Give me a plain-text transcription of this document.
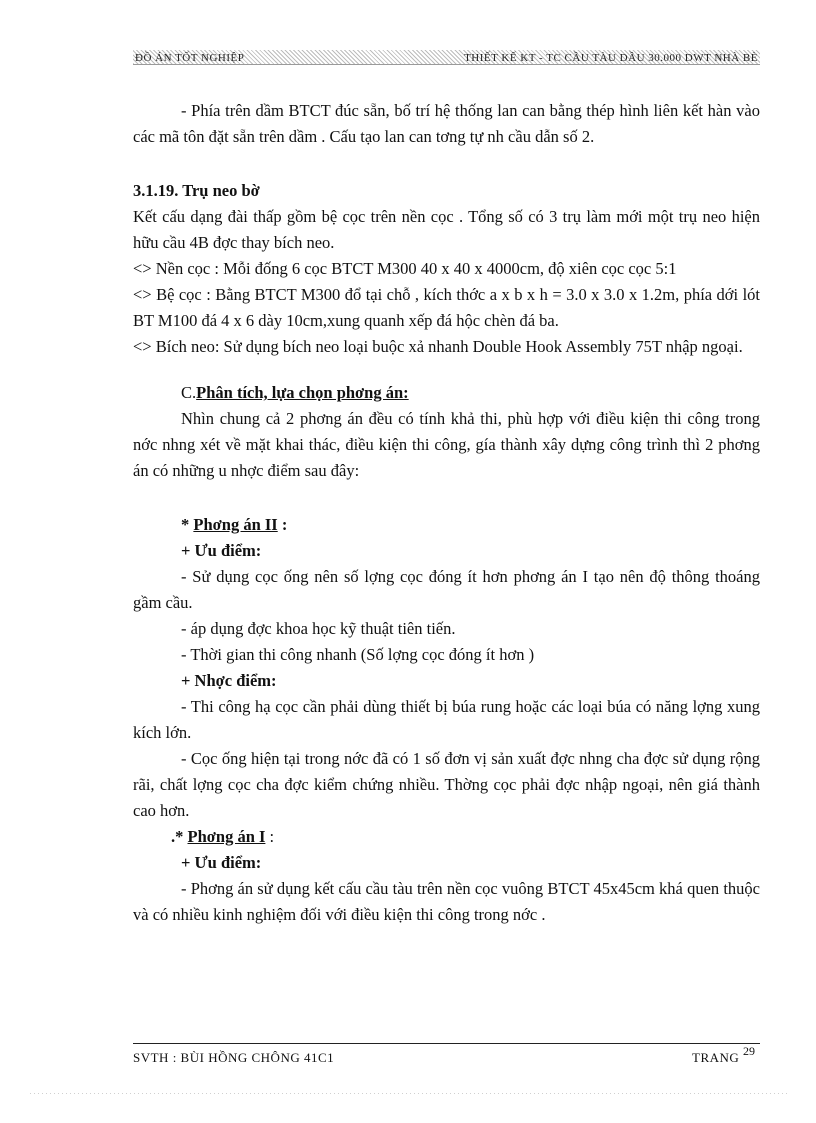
ĐỒ ÁN TỐT NGHIỆP	THIẾT KẾ KT - TC CẦU TÀU DẦU 30.000 DWT NHÀ BÈ

- Phía trên dầm BTCT đúc sẵn, bố trí hệ thống lan can bằng thép hình liên kết hàn vào các mã tôn đặt sẵn trên dầm . Cấu tạo lan can tơng tự nh cầu dẫn số 2.

3.1.19. Trụ neo bờ

Kết cấu dạng đài thấp gồm bệ cọc trên nền cọc . Tổng số có 3 trụ làm mới một trụ neo hiện hữu cầu 4B đợc thay bích neo.

<> Nền cọc : Mỗi đống 6 cọc BTCT M300 40 x 40 x 4000cm, độ xiên cọc cọc 5:1

<> Bệ cọc : Bằng BTCT M300 đổ tại chỗ , kích thớc a x b x h = 3.0 x 3.0 x 1.2m, phía dới lót BT M100 đá 4 x 6 dày 10cm,xung quanh xếp đá hộc chèn đá ba.

<> Bích neo: Sử dụng bích neo loại buộc xả nhanh Double Hook Assembly 75T nhập ngoại.

C.Phân tích, lựa chọn phơng án:

Nhìn chung cả 2 phơng án đều có tính khả thi, phù hợp với điều kiện thi công trong nớc nhng xét về mặt khai thác, điều kiện thi công, gía thành xây dựng công trình thì 2 phơng án có những u nhợc điểm sau đây:

* Phơng án II :

+ Ưu điểm:

- Sử dụng cọc ống nên số lợng cọc đóng ít hơn phơng án I tạo nên độ thông thoáng gầm cầu.

- áp dụng đợc khoa học kỹ thuật tiên tiến.

- Thời gian thi công nhanh (Số lợng cọc đóng ít hơn )

+ Nhợc điểm:

- Thi công hạ cọc cần phải dùng thiết bị búa rung hoặc các loại búa có năng lợng xung kích lớn.

- Cọc ống hiện tại trong nớc đã có 1 số đơn vị sản xuất đợc nhng cha đợc sử dụng rộng rãi, chất lợng cọc cha đợc kiểm chứng nhiều. Thờng cọc phải đợc nhập ngoại, nên giá thành cao hơn.

.* Phơng án I :

+ Ưu điểm:

- Phơng án sử dụng kết cấu cầu tàu trên nền cọc vuông BTCT 45x45cm khá quen thuộc và có nhiều kinh nghiệm đối với điều kiện thi công trong nớc .

SVTH : BÙI HỒNG CHÔNG 41C1	TRANG 29
